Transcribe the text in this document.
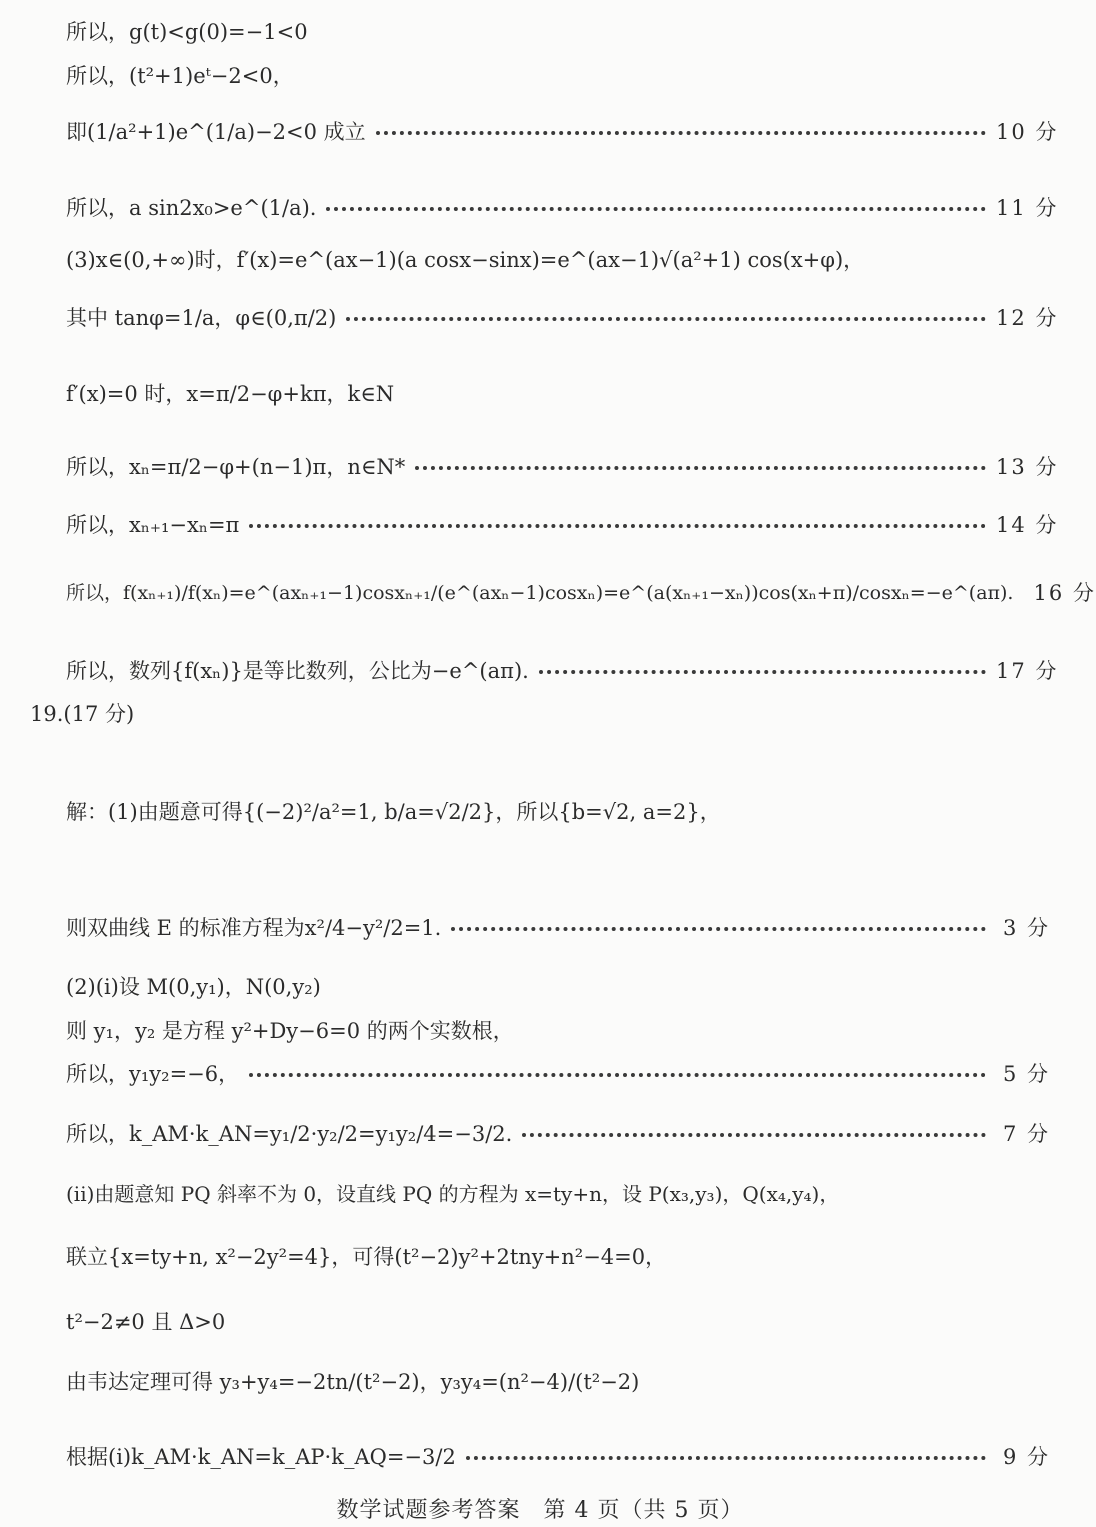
所以，g(t)<g(0)=−1<0
所以，(t²+1)eᵗ−2<0，
即(1/a²+1)e^(1/a)−2<0 成立	10 分
所以，a sin2x₀>e^(1/a).	11 分
(3)x∈(0,+∞)时，f′(x)=e^(ax−1)(a cosx−sinx)=e^(ax−1)√(a²+1) cos(x+φ)，
其中 tanφ=1/a，φ∈(0,π/2)	12 分
f′(x)=0 时，x=π/2−φ+kπ，k∈N
所以，xₙ=π/2−φ+(n−1)π，n∈N*	13 分
所以，xₙ₊₁−xₙ=π	14 分
所以，f(xₙ₊₁)/f(xₙ)=e^(axₙ₊₁−1)cosxₙ₊₁/(e^(axₙ−1)cosxₙ)=e^(a(xₙ₊₁−xₙ))cos(xₙ+π)/cosxₙ=−e^(aπ). 16 分
所以，数列{f(xₙ)}是等比数列，公比为−e^(aπ).	17 分
19.(17 分)
解：(1)由题意可得{(−2)²/a²=1, b/a=√2/2}，所以{b=√2, a=2}，
则双曲线 E 的标准方程为x²/4−y²/2=1.	3 分
(2)(i)设 M(0,y₁)，N(0,y₂)
则 y₁，y₂ 是方程 y²+Dy−6=0 的两个实数根，
所以，y₁y₂=−6，	5 分
所以，k_AM·k_AN=y₁/2·y₂/2=y₁y₂/4=−3/2.	7 分
(ii)由题意知 PQ 斜率不为 0，设直线 PQ 的方程为 x=ty+n，设 P(x₃,y₃)，Q(x₄,y₄)，
联立{x=ty+n, x²−2y²=4}，可得(t²−2)y²+2tny+n²−4=0，
t²−2≠0 且 Δ>0
由韦达定理可得 y₃+y₄=−2tn/(t²−2)，y₃y₄=(n²−4)/(t²−2)
根据(i)k_AM·k_AN=k_AP·k_AQ=−3/2	9 分
数学试题参考答案　第 4 页（共 5 页）
